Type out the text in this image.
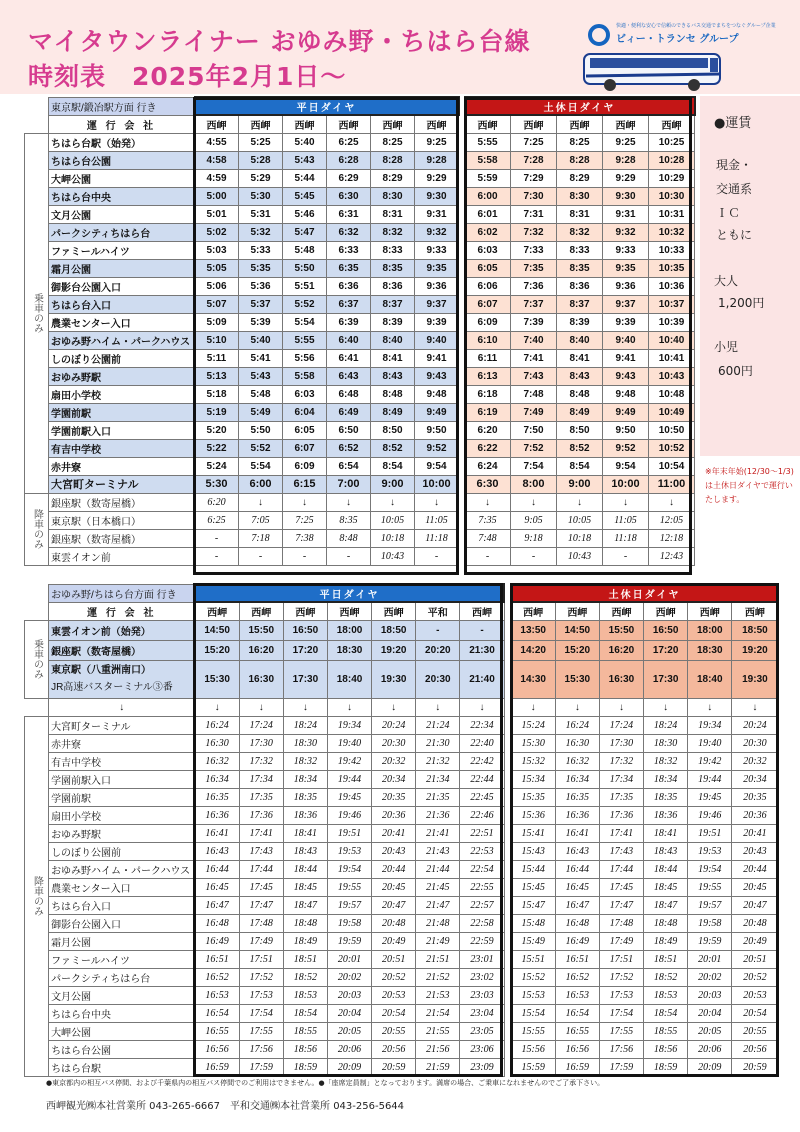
マイタウンライナー おゆみ野・ちはら台線
時刻表　2025年2月1日〜
快適・便利な安心で信頼のできるバス交通でまちをつなぐグループ企業
ビィー・トランセ グループ
	東京駅/鍛冶駅方面 行き	平日ダイヤ							土休日ダイヤ				
	運 行 会 社	西岬	西岬	西岬	西岬	西岬	西岬		西岬	西岬	西岬	西岬	西岬
乗車のみ	ちはら台駅（始発）	4:55	5:25	5:40	6:25	8:25	9:25		5:55	7:25	8:25	9:25	10:25
	ちはら台公園	4:58	5:28	5:43	6:28	8:28	9:28		5:58	7:28	8:28	9:28	10:28
	大岬公園	4:59	5:29	5:44	6:29	8:29	9:29		5:59	7:29	8:29	9:29	10:29
	ちはら台中央	5:00	5:30	5:45	6:30	8:30	9:30		6:00	7:30	8:30	9:30	10:30
	文月公園	5:01	5:31	5:46	6:31	8:31	9:31		6:01	7:31	8:31	9:31	10:31
	パークシティちはら台	5:02	5:32	5:47	6:32	8:32	9:32		6:02	7:32	8:32	9:32	10:32
	ファミールハイツ	5:03	5:33	5:48	6:33	8:33	9:33		6:03	7:33	8:33	9:33	10:33
	霜月公園	5:05	5:35	5:50	6:35	8:35	9:35		6:05	7:35	8:35	9:35	10:35
	御影台公園入口	5:06	5:36	5:51	6:36	8:36	9:36		6:06	7:36	8:36	9:36	10:36
	ちはら台入口	5:07	5:37	5:52	6:37	8:37	9:37		6:07	7:37	8:37	9:37	10:37
	農業センター入口	5:09	5:39	5:54	6:39	8:39	9:39		6:09	7:39	8:39	9:39	10:39
	おゆみ野ハイム・パークハウス	5:10	5:40	5:55	6:40	8:40	9:40		6:10	7:40	8:40	9:40	10:40
	しのぼり公園前	5:11	5:41	5:56	6:41	8:41	9:41		6:11	7:41	8:41	9:41	10:41
	おゆみ野駅	5:13	5:43	5:58	6:43	8:43	9:43		6:13	7:43	8:43	9:43	10:43
	扇田小学校	5:18	5:48	6:03	6:48	8:48	9:48		6:18	7:48	8:48	9:48	10:48
	学園前駅	5:19	5:49	6:04	6:49	8:49	9:49		6:19	7:49	8:49	9:49	10:49
	学園前駅入口	5:20	5:50	6:05	6:50	8:50	9:50		6:20	7:50	8:50	9:50	10:50
	有吉中学校	5:22	5:52	6:07	6:52	8:52	9:52		6:22	7:52	8:52	9:52	10:52
	赤井寮	5:24	5:54	6:09	6:54	8:54	9:54		6:24	7:54	8:54	9:54	10:54
	大宮町ターミナル	5:30	6:00	6:15	7:00	9:00	10:00		6:30	8:00	9:00	10:00	11:00
降車のみ	銀座駅（数寄屋橋）	6:20	↓	↓	↓	↓	↓		↓	↓	↓	↓	↓
	東京駅（日本橋口）	6:25	7:05	7:25	8:35	10:05	11:05		7:35	9:05	10:05	11:05	12:05
	銀座駅（数寄屋橋）	-	7:18	7:38	8:48	10:18	11:18		7:48	9:18	10:18	11:18	12:18
	東雲イオン前	-	-	-	-	10:43	-		-	-	10:43	-	12:43
	おゆみ野/ちはら台方面 行き	平日ダイヤ								土休日ダイヤ					
	運 行 会 社	西岬	西岬	西岬	西岬	西岬	平和	西岬		西岬	西岬	西岬	西岬	西岬	西岬
乗車のみ	東雲イオン前（始発）	14:50	15:50	16:50	18:00	18:50	-	-		13:50	14:50	15:50	16:50	18:00	18:50
	銀座駅（数寄屋橋）	15:20	16:20	17:20	18:30	19:20	20:20	21:30		14:20	15:20	16:20	17:20	18:30	19:20

	東京駅（八重洲南口）
JR高速バスターミナル③番	15:30	16:30	17:30	18:40	19:30	20:30	21:40		14:30	15:30	16:30	17:30	18:40	19:30
	↓	↓	↓	↓	↓	↓	↓	↓		↓	↓	↓	↓	↓	↓
降車のみ	大宮町ターミナル	16:24	17:24	18:24	19:34	20:24	21:24	22:34		15:24	16:24	17:24	18:24	19:34	20:24
	赤井寮	16:30	17:30	18:30	19:40	20:30	21:30	22:40		15:30	16:30	17:30	18:30	19:40	20:30
	有吉中学校	16:32	17:32	18:32	19:42	20:32	21:32	22:42		15:32	16:32	17:32	18:32	19:42	20:32
	学園前駅入口	16:34	17:34	18:34	19:44	20:34	21:34	22:44		15:34	16:34	17:34	18:34	19:44	20:34
	学園前駅	16:35	17:35	18:35	19:45	20:35	21:35	22:45		15:35	16:35	17:35	18:35	19:45	20:35
	扇田小学校	16:36	17:36	18:36	19:46	20:36	21:36	22:46		15:36	16:36	17:36	18:36	19:46	20:36
	おゆみ野駅	16:41	17:41	18:41	19:51	20:41	21:41	22:51		15:41	16:41	17:41	18:41	19:51	20:41
	しのぼり公園前	16:43	17:43	18:43	19:53	20:43	21:43	22:53		15:43	16:43	17:43	18:43	19:53	20:43
	おゆみ野ハイム・パークハウス	16:44	17:44	18:44	19:54	20:44	21:44	22:54		15:44	16:44	17:44	18:44	19:54	20:44
	農業センター入口	16:45	17:45	18:45	19:55	20:45	21:45	22:55		15:45	16:45	17:45	18:45	19:55	20:45
	ちはら台入口	16:47	17:47	18:47	19:57	20:47	21:47	22:57		15:47	16:47	17:47	18:47	19:57	20:47
	御影台公園入口	16:48	17:48	18:48	19:58	20:48	21:48	22:58		15:48	16:48	17:48	18:48	19:58	20:48
	霜月公園	16:49	17:49	18:49	19:59	20:49	21:49	22:59		15:49	16:49	17:49	18:49	19:59	20:49
	ファミールハイツ	16:51	17:51	18:51	20:01	20:51	21:51	23:01		15:51	16:51	17:51	18:51	20:01	20:51
	パークシティちはら台	16:52	17:52	18:52	20:02	20:52	21:52	23:02		15:52	16:52	17:52	18:52	20:02	20:52
	文月公園	16:53	17:53	18:53	20:03	20:53	21:53	23:03		15:53	16:53	17:53	18:53	20:03	20:53
	ちはら台中央	16:54	17:54	18:54	20:04	20:54	21:54	23:04		15:54	16:54	17:54	18:54	20:04	20:54
	大岬公園	16:55	17:55	18:55	20:05	20:55	21:55	23:05		15:55	16:55	17:55	18:55	20:05	20:55
	ちはら台公園	16:56	17:56	18:56	20:06	20:56	21:56	23:06		15:56	16:56	17:56	18:56	20:06	20:56
	ちはら台駅	16:59	17:59	18:59	20:09	20:59	21:59	23:09		15:59	16:59	17:59	18:59	20:09	20:59
●運賃
現金・
交通系
ＩＣ
ともに
大人
1,200円
小児
600円
※年末年始(12/30〜1/3)は土休日ダイヤで運行いたします。
●東京都内の相互バス停間、および千葉県内の相互バス停間でのご利用はできません。●「座席定員制」となっております。満席の場合、ご乗車になれませんのでご了承下さい。
西岬観光㈱本社営業所 043-265-6667　平和交通㈱本社営業所 043-256-5644
